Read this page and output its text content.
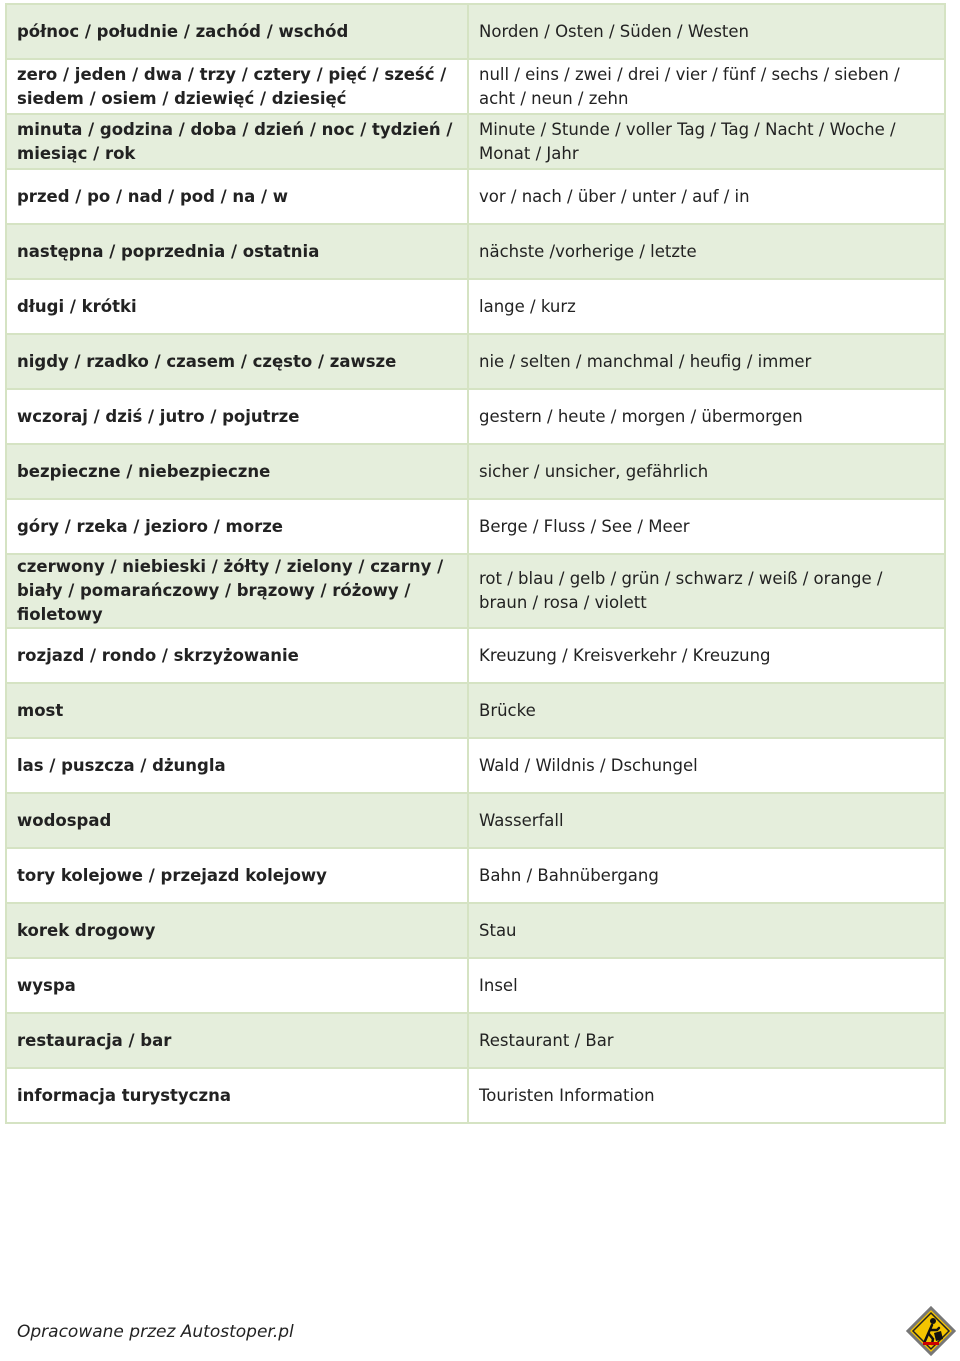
północ / południe / zachód / wschód	Norden / Osten / Süden / Westen
zero / jeden / dwa / trzy / cztery / pięć / sześć / siedem / osiem / dziewięć / dziesięć	null / eins / zwei / drei / vier / fünf / sechs / sieben / acht / neun / zehn
minuta / godzina / doba / dzień / noc / tydzień / miesiąc / rok	Minute / Stunde / voller Tag / Tag / Nacht / Woche / Monat / Jahr
przed / po / nad / pod / na / w	vor / nach / über / unter / auf / in
następna / poprzednia / ostatnia	nächste /vorherige / letzte
długi / krótki	lange / kurz
nigdy / rzadko / czasem / często / zawsze	nie / selten / manchmal / heufig / immer
wczoraj / dziś / jutro / pojutrze	gestern / heute / morgen / übermorgen
bezpieczne / niebezpieczne	sicher / unsicher, gefährlich
góry / rzeka / jezioro / morze	Berge / Fluss / See / Meer
czerwony / niebieski / żółty / zielony / czarny / biały / pomarańczowy / brązowy / różowy / fioletowy	rot / blau / gelb / grün / schwarz / weiß / orange / braun / rosa / violett
rozjazd / rondo / skrzyżowanie	Kreuzung / Kreisverkehr / Kreuzung
most	Brücke
las / puszcza / dżungla	Wald / Wildnis / Dschungel
wodospad	Wasserfall
tory kolejowe / przejazd kolejowy	Bahn / Bahnübergang
korek drogowy	Stau
wyspa	Insel
restauracja / bar	Restaurant / Bar
informacja turystyczna	Touristen Information
Opracowane przez Autostoper.pl
